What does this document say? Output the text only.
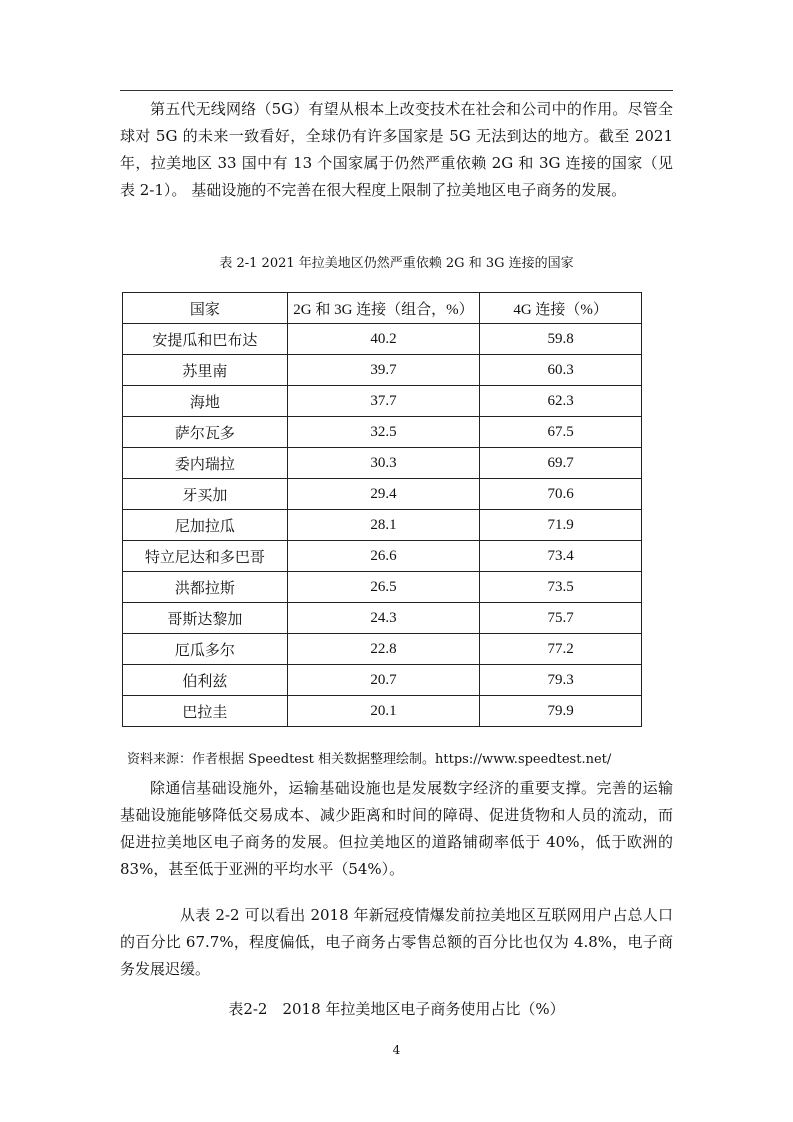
第五代无线网络（5G）有望从根本上改变技术在社会和公司中的作用。尽管全球对 5G 的未来一致看好，全球仍有许多国家是 5G 无法到达的地方。截至 2021 年，拉美地区 33 国中有 13 个国家属于仍然严重依赖 2G 和 3G 连接的国家（见表 2-1）。 基础设施的不完善在很大程度上限制了拉美地区电子商务的发展。

表 2-1 2021 年拉美地区仍然严重依赖 2G 和 3G 连接的国家
国家	2G 和 3G 连接（组合，%）	4G 连接（%）
安提瓜和巴布达	40.2	59.8
苏里南	39.7	60.3
海地	37.7	62.3
萨尔瓦多	32.5	67.5
委内瑞拉	30.3	69.7
牙买加	29.4	70.6
尼加拉瓜	28.1	71.9
特立尼达和多巴哥	26.6	73.4
洪都拉斯	26.5	73.5
哥斯达黎加	24.3	75.7
厄瓜多尔	22.8	77.2
伯利兹	20.7	79.3
巴拉圭	20.1	79.9
资料来源：作者根据 Speedtest 相关数据整理绘制。https://www.speedtest.net/

除通信基础设施外，运输基础设施也是发展数字经济的重要支撑。完善的运输基础设施能够降低交易成本、减少距离和时间的障碍、促进货物和人员的流动，而促进拉美地区电子商务的发展。但拉美地区的道路铺砌率低于 40%，低于欧洲的 83%，甚至低于亚洲的平均水平（54%）。

从表 2-2 可以看出 2018 年新冠疫情爆发前拉美地区互联网用户占总人口的百分比 67.7%，程度偏低，电子商务占零售总额的百分比也仅为 4.8%，电子商务发展迟缓。

表2-2　2018 年拉美地区电子商务使用占比（%）
4
